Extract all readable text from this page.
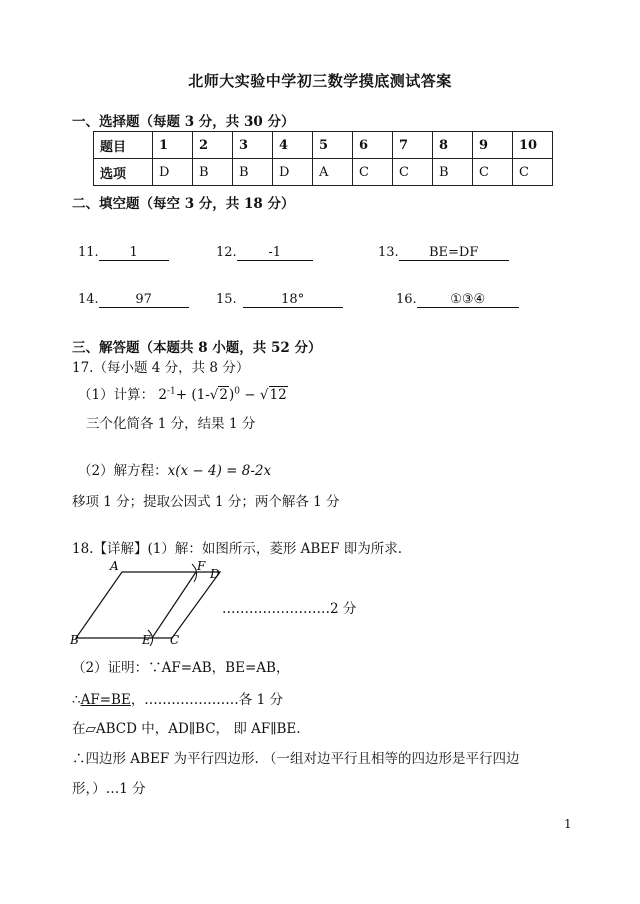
北师大实验中学初三数学摸底测试答案
一、选择题（每题 3 分，共 30 分）
题目	1	2	3	4	5	6	7	8	9	10
选项	D	B	B	D	A	C	C	B	C	C
二、填空题（每空 3 分，共 18 分）
11. 1	12. -1	13. BE=DF
14.	97	15.	18°	16.	①③④
三、解答题（本题共 8 小题，共 52 分）
17.（每小题 4 分，共 8 分）
（1）计算： $2^{-1}+ (1-√2)^0 - √12$
三个化简各 1 分，结果 1 分
（2）解方程：x(x − 4) = 8-2x
移项 1 分；提取公因式 1 分；两个解各 1 分
18.【详解】(1）解：如图所示，菱形 ABEF 即为所求.
A
B	C
D
E
F
……………………2 分
（2）证明：∵AF=AB，BE=AB，
∴AF=BE，…………………各 1 分
在▱ABCD 中，AD∥BC， 即 AF∥BE.
∴四边形 ABEF 为平行四边形. （一组对边平行且相等的四边形是平行四边
形，）…1 分
1
